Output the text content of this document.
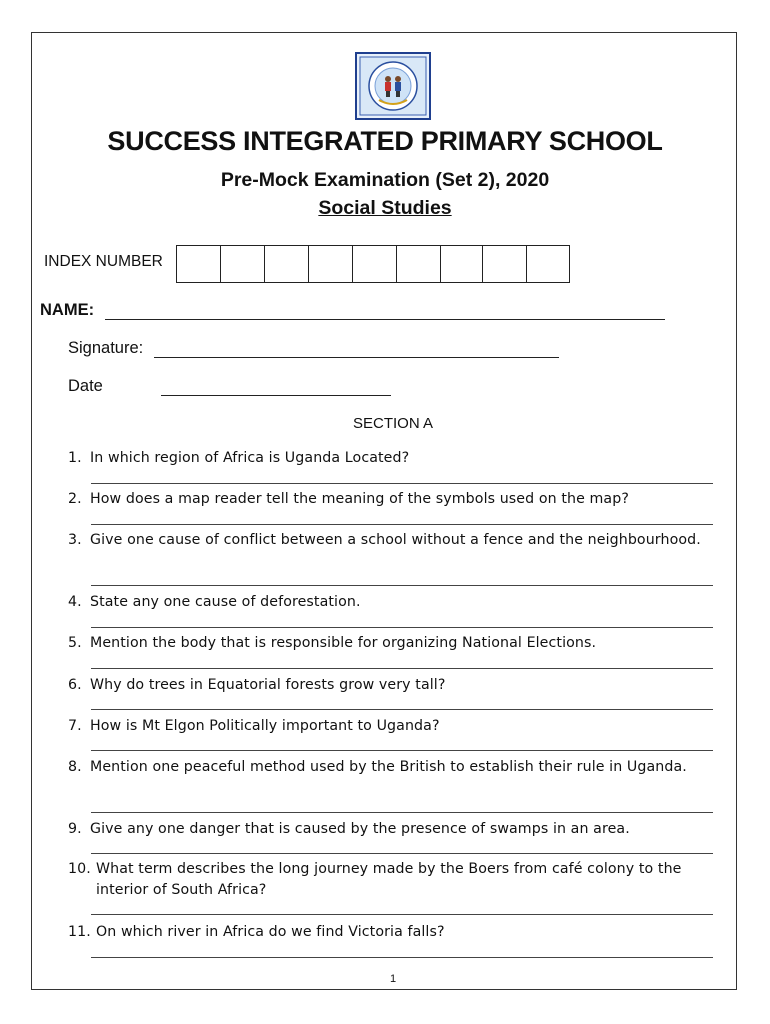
SUCCESS INTEGRATED PRIMARY SCHOOL
Pre-Mock Examination (Set 2), 2020
Social Studies
INDEX NUMBER
NAME:
Signature:
Date
SECTION A
1. In which region of Africa is Uganda Located?
2. How does a map reader tell the meaning of the symbols used on the map?
3. Give one cause of conflict between a school without a fence and the neighbourhood.
4. State any one cause of deforestation.
5. Mention the body that is responsible for organizing National Elections.
6. Why do trees in Equatorial forests grow very tall?
7. How is Mt Elgon Politically important to Uganda?
8. Mention one peaceful method used by the British to establish their rule in Uganda.
9. Give any one danger that is caused by the presence of swamps in an area.
10. What term describes the long journey made by the Boers from café colony to the interior of South Africa?
11. On which river in Africa do we find Victoria falls?
1
